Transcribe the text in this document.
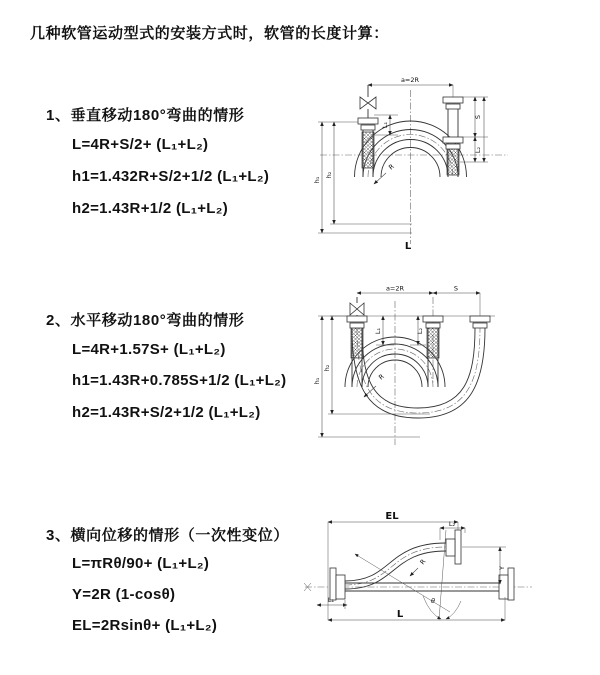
几种软管运动型式的安装方式时，软管的长度计算：
1、垂直移动180°弯曲的情形
L=4R+S/2+ (L₁+L₂)
h1=1.432R+S/2+1/2 (L₁+L₂)
h2=1.43R+1/2 (L₁+L₂)
a=2R
h₁
h₂
L₁
S
L₂
R
L
2、水平移动180°弯曲的情形
L=4R+1.57S+ (L₁+L₂)
h1=1.43R+0.785S+1/2 (L₁+L₂)
h2=1.43R+S/2+1/2 (L₁+L₂)
a=2R	S
h₁
h₂
L₁	L₂
R
3、横向位移的情形（一次性变位）
L=πRθ/90+ (L₁+L₂)
Y=2R (1-cosθ)
EL=2Rsinθ+ (L₁+L₂)
EL
L₂
Y
L
L₁
R
θ
